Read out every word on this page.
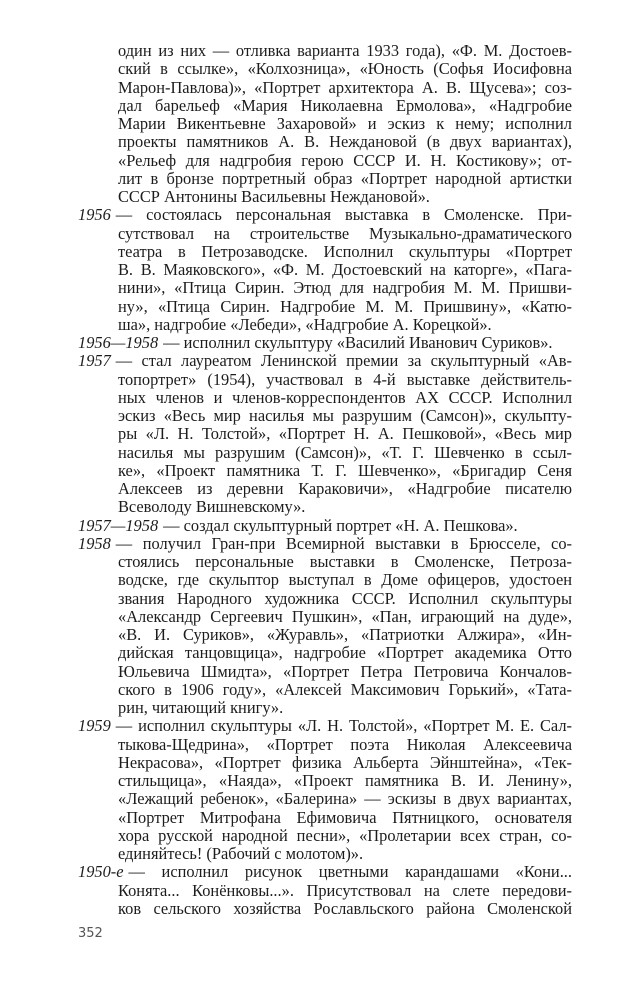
один из них — отливка варианта 1933 года), «Ф. М. Достоев-
ский в ссылке», «Колхозница», «Юность (Софья Иосифовна
Марон-Павлова)», «Портрет архитектора А. В. Щусева»; соз-
дал барельеф «Мария Николаевна Ермолова», «Надгробие
Марии Викентьевне Захаровой» и эскиз к нему; исполнил
проекты памятников А. В. Неждановой (в двух вариантах),
«Рельеф для надгробия герою СССР И. Н. Костикову»; от-
лит в бронзе портретный образ «Портрет народной артистки
СССР Антонины Васильевны Неждановой».
1956 — состоялась персональная выставка в Смоленске. При-
сутствовал на строительстве Музыкально-драматического
театра в Петрозаводске. Исполнил скульптуры «Портрет
В. В. Маяковского», «Ф. М. Достоевский на каторге», «Пага-
нини», «Птица Сирин. Этюд для надгробия М. М. Пришви-
ну», «Птица Сирин. Надгробие М. М. Пришвину», «Катю-
ша», надгробие «Лебеди», «Надгробие А. Корецкой».
1956—1958 — исполнил скульптуру «Василий Иванович Суриков».
1957 — стал лауреатом Ленинской премии за скульптурный «Ав-
топортрет» (1954), участвовал в 4-й выставке действитель-
ных членов и членов-корреспондентов АХ СССР. Исполнил
эскиз «Весь мир насилья мы разрушим (Самсон)», скульпту-
ры «Л. Н. Толстой», «Портрет Н. А. Пешковой», «Весь мир
насилья мы разрушим (Самсон)», «Т. Г. Шевченко в ссыл-
ке», «Проект памятника Т. Г. Шевченко», «Бригадир Сеня
Алексеев из деревни Караковичи», «Надгробие писателю
Всеволоду Вишневскому».
1957—1958 — создал скульптурный портрет «Н. А. Пешкова».
1958 — получил Гран-при Всемирной выставки в Брюсселе, со-
стоялись персональные выставки в Смоленске, Петроза-
водске, где скульптор выступал в Доме офицеров, удостоен
звания Народного художника СССР. Исполнил скульптуры
«Александр Сергеевич Пушкин», «Пан, играющий на дуде»,
«В. И. Суриков», «Журавль», «Патриотки Алжира», «Ин-
дийская танцовщица», надгробие «Портрет академика Отто
Юльевича Шмидта», «Портрет Петра Петровича Кончалов-
ского в 1906 году», «Алексей Максимович Горький», «Тата-
рин, читающий книгу».
1959 — исполнил скульптуры «Л. Н. Толстой», «Портрет М. Е. Сал-
тыкова-Щедрина», «Портрет поэта Николая Алексеевича
Некрасова», «Портрет физика Альберта Эйнштейна», «Тек-
стильщица», «Наяда», «Проект памятника В. И. Ленину»,
«Лежащий ребенок», «Балерина» — эскизы в двух вариантах,
«Портрет Митрофана Ефимовича Пятницкого, основателя
хора русской народной песни», «Пролетарии всех стран, со-
единяйтесь! (Рабочий с молотом)».
1950-е — исполнил рисунок цветными карандашами «Кони...
Конята... Конёнковы...». Присутствовал на слете передови-
ков сельского хозяйства Рославльского района Смоленской
352
